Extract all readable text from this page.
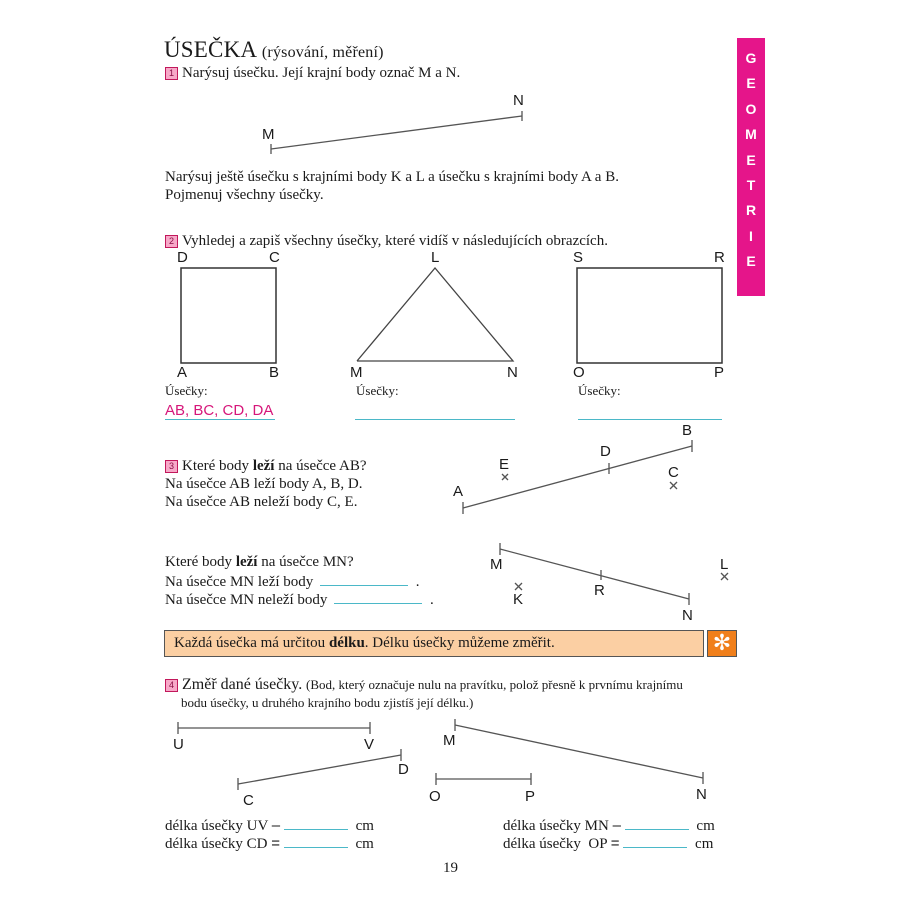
ÚSEČKA (rýsování, měření)	G
E
O
M
E
T
R
I
E
1 Narýsuj úsečku. Její krajní body označ M a N.
M
N
Narýsuj ještě úsečku s krajními body K a L a úsečku s krajními body A a B.
Pojmenuj všechny úsečky.
2 Vyhledej a zapiš všechny úsečky, které vidíš v následujících obrazcích.
D	C
A	B
L
M	N
S	R
O	P
Úsečky:	Úsečky:	Úsečky:
AB, BC, CD, DA
3 Které body leží na úsečce AB?
Na úsečce AB leží body A, B, D.
Na úsečce AB neleží body C, E.
A
B
D
E	C
Které body leží na úsečce MN?
Na úsečce MN leží body	.
Na úsečce MN neleží body	.
M
N
R
K
L
Každá úsečka má určitou délku. Délku úsečky můžeme změřit.	✻
4 Změř dané úsečky. (Bod, který označuje nulu na pravítku, polož přesně k prvnímu krajnímu
bodu úsečky, u druhého krajního bodu zjistíš její délku.)
U	V
C
D
M
N
O	P
délka úsečky UV –	cm
délka úsečky CD =	cm
délka úsečky MN –	cm
délka úsečky  OP =	cm
19
